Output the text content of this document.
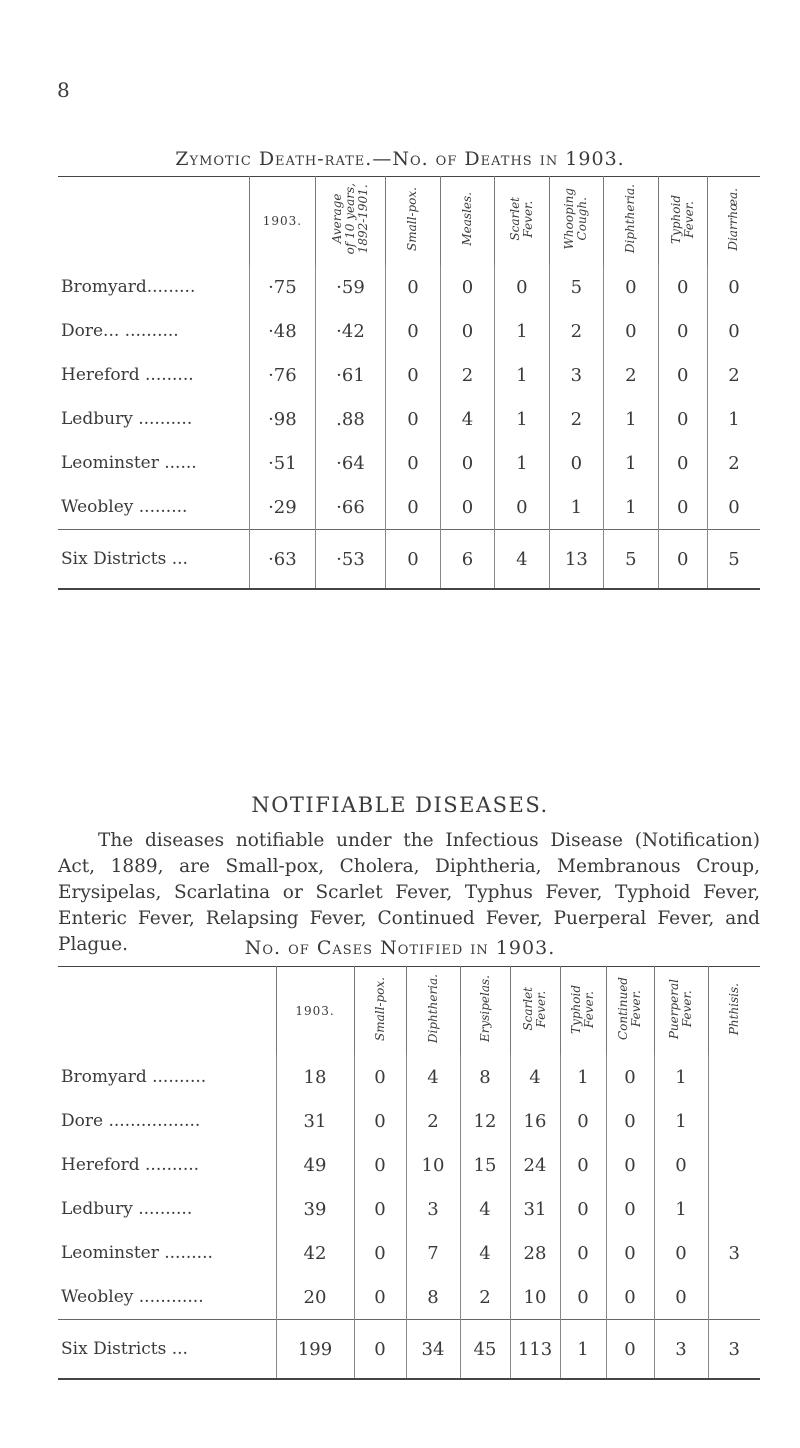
8
Zymotic Death-rate.—No. of Deaths in 1903.
	1903.	Average
of 10 years,
1892-1901.	Small-pox.	Measles.	Scarlet
Fever.	Whooping
Cough.	Diphtheria.	Typhoid
Fever.	Diarrhœa.
Bromyard.........	·75	·59	0	0	0	5	0	0	0
Dore... ..........	·48	·42	0	0	1	2	0	0	0
Hereford .........	·76	·61	0	2	1	3	2	0	2
Ledbury ..........	·98	.88	0	4	1	2	1	0	1
Leominster ......	·51	·64	0	0	1	0	1	0	2
Weobley .........	·29	·66	0	0	0	1	1	0	0
Six Districts ...	·63	·53	0	6	4	13	5	0	5
NOTIFIABLE DISEASES.

The diseases notifiable under the Infectious Disease (Notification) Act, 1889, are Small-pox, Cholera, Diphtheria, Membranous Croup, Erysipelas, Scarlatina or Scarlet Fever, Typhus Fever, Typhoid Fever, Enteric Fever, Relapsing Fever, Continued Fever, Puerperal Fever, and Plague.	No. of Cases Notified in 1903.
	1903.	Small-pox.	Diphtheria.	Erysipelas.	Scarlet
Fever.	Typhoid
Fever.	Continued
Fever.	Puerperal
Fever.	Phthisis.
Bromyard ..........	18	0	4	8	4	1	0	1	
Dore .................	31	0	2	12	16	0	0	1	
Hereford ..........	49	0	10	15	24	0	0	0	
Ledbury ..........	39	0	3	4	31	0	0	1	
Leominster .........	42	0	7	4	28	0	0	0	3
Weobley ............	20	0	8	2	10	0	0	0	
Six Districts ...	199	0	34	45	113	1	0	3	3
